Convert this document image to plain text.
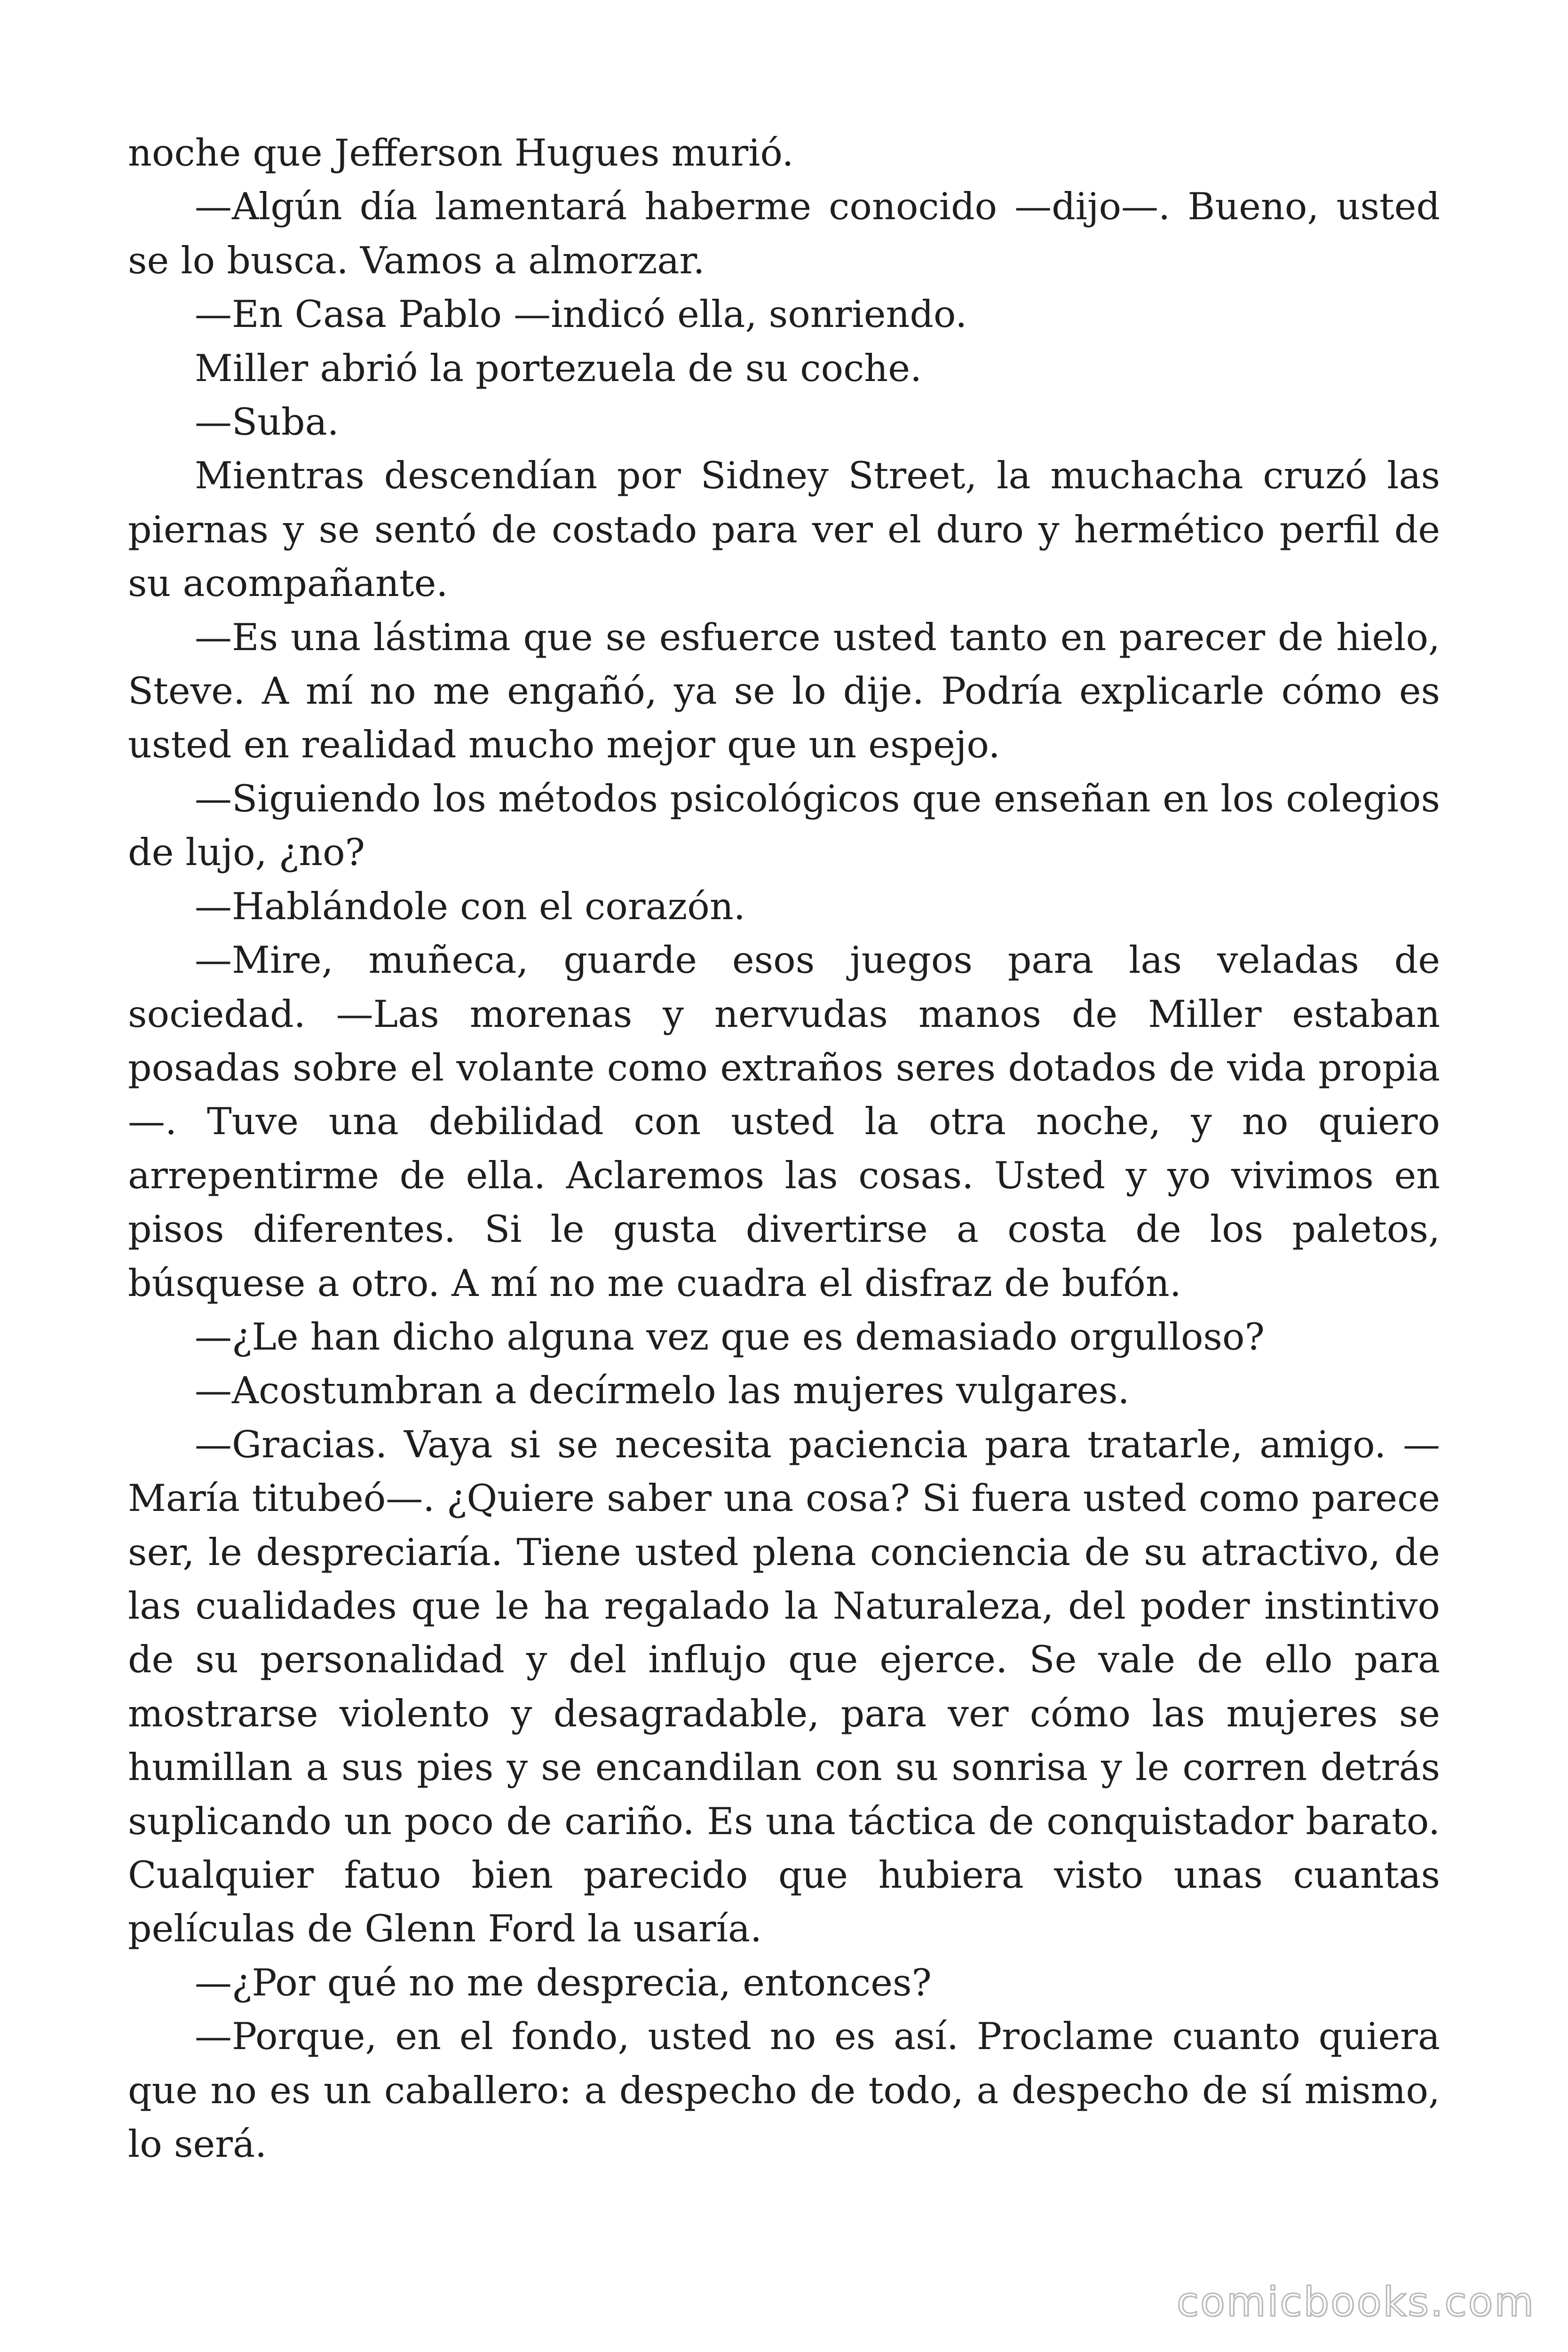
noche que Jefferson Hugues murió.

—Algún día lamentará haberme conocido —dijo—. Bueno, usted se lo busca. Vamos a almorzar.

—En Casa Pablo —indicó ella, sonriendo.

Miller abrió la portezuela de su coche.

—Suba.

Mientras descendían por Sidney Street, la muchacha cruzó las piernas y se sentó de costado para ver el duro y hermético perfil de su acompañante.

—Es una lástima que se esfuerce usted tanto en parecer de hielo, Steve. A mí no me engañó, ya se lo dije. Podría explicarle cómo es usted en realidad mucho mejor que un espejo.

—Siguiendo los métodos psicológicos que enseñan en los colegios de lujo, ¿no?

—Hablándole con el corazón.

—Mire, muñeca, guarde esos juegos para las veladas de sociedad. —Las morenas y nervudas manos de Miller estaban posadas sobre el volante como extraños seres dotados de vida propia—. Tuve una debilidad con usted la otra noche, y no quiero arrepentirme de ella. Aclaremos las cosas. Usted y yo vivimos en pisos diferentes. Si le gusta divertirse a costa de los paletos, búsquese a otro. A mí no me cuadra el disfraz de bufón.

—¿Le han dicho alguna vez que es demasiado orgulloso?

—Acostumbran a decírmelo las mujeres vulgares.

—Gracias. Vaya si se necesita paciencia para tratarle, amigo. —María titubeó—. ¿Quiere saber una cosa? Si fuera usted como parece ser, le despreciaría. Tiene usted plena conciencia de su atractivo, de las cualidades que le ha regalado la Naturaleza, del poder instintivo de su personalidad y del influjo que ejerce. Se vale de ello para mostrarse violento y desagradable, para ver cómo las mujeres se humillan a sus pies y se encandilan con su sonrisa y le corren detrás suplicando un poco de cariño. Es una táctica de conquistador barato. Cualquier fatuo bien parecido que hubiera visto unas cuantas películas de Glenn Ford la usaría.

—¿Por qué no me desprecia, entonces?

—Porque, en el fondo, usted no es así. Proclame cuanto quiera que no es un caballero: a despecho de todo, a despecho de sí mismo, lo será.

comicbooks.com
